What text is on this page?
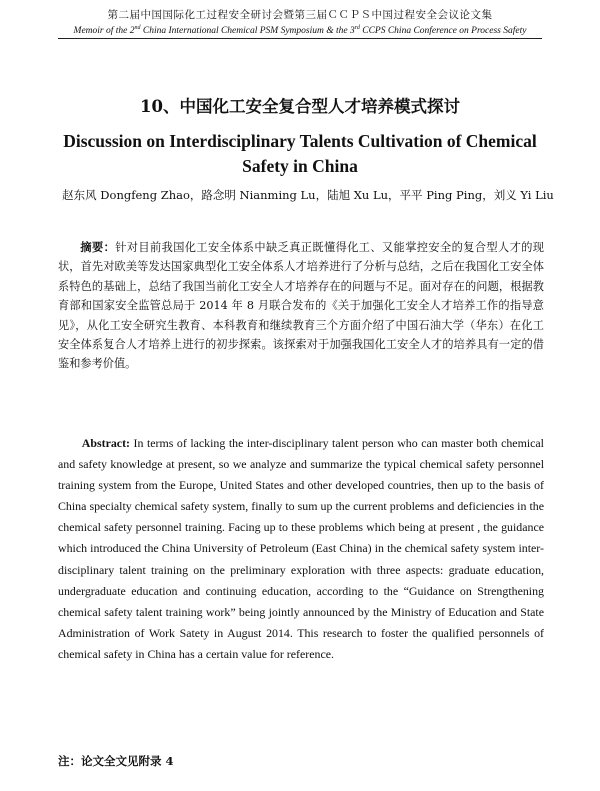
第二届中国国际化工过程安全研讨会暨第三届ＣＣＰＳ中国过程安全会议论文集
Memoir of the 2nd China International Chemical PSM Symposium & the 3rd CCPS China Conference on Process Safety
10、中国化工安全复合型人才培养模式探讨
Discussion on Interdisciplinary Talents Cultivation of Chemical Safety in China
赵东风 Dongfeng Zhao，路念明 Nianming Lu，陆旭 Xu Lu，平平 Ping Ping，刘义 Yi Liu
摘要：针对目前我国化工安全体系中缺乏真正既懂得化工、又能掌控安全的复合型人才的现状，首先对欧美等发达国家典型化工安全体系人才培养进行了分析与总结，之后在我国化工安全体系特色的基础上，总结了我国当前化工安全人才培养存在的问题与不足。面对存在的问题，根据教育部和国家安全监管总局于 2014 年 8 月联合发布的《关于加强化工安全人才培养工作的指导意见》，从化工安全研究生教育、本科教育和继续教育三个方面介绍了中国石油大学（华东）在化工安全体系复合人才培养上进行的初步探索。该探索对于加强我国化工安全人才的培养具有一定的借鉴和参考价值。
Abstract: In terms of lacking the inter-disciplinary talent person who can master both chemical and safety knowledge at present, so we analyze and summarize the typical chemical safety personnel training system from the Europe, United States and other developed countries, then up to the basis of China specialty chemical safety system, finally to sum up the current problems and deficiencies in the chemical safety personnel training. Facing up to these problems which being at present , the guidance which introduced the China University of Petroleum (East China) in the chemical safety system inter-disciplinary talent training on the preliminary exploration with three aspects: graduate education, undergraduate education and continuing education, according to the “Guidance on Strengthening chemical safety talent training work” being jointly announced by the Ministry of Education and State Administration of Work Satety in August 2014. This research to foster the qualified personnels of chemical safety in China has a certain value for reference.
注：论文全文见附录 4
